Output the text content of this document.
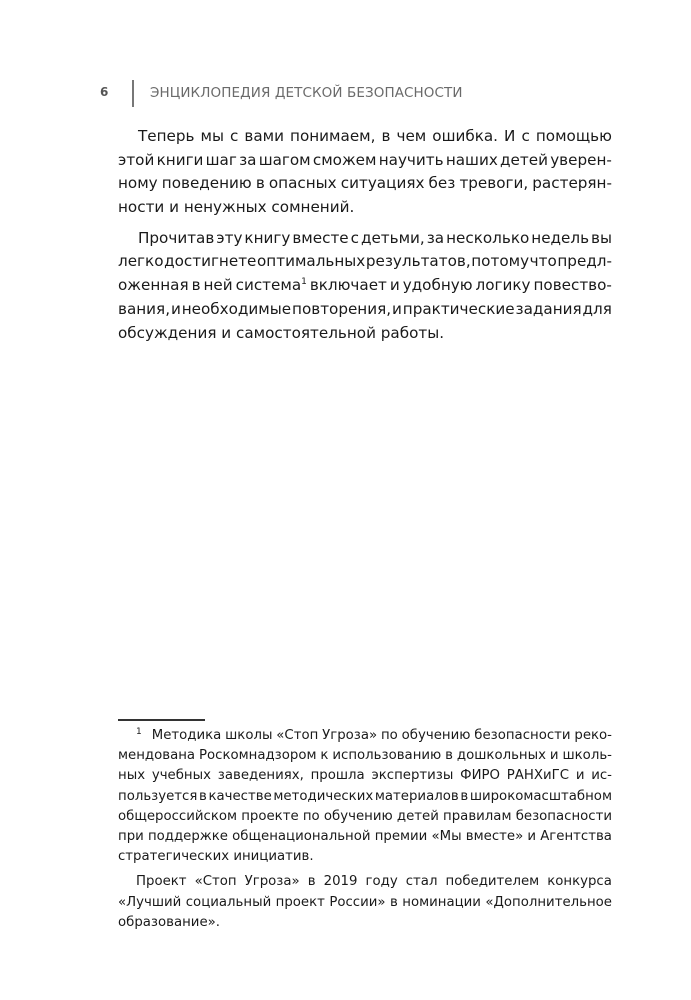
6	ЭНЦИКЛОПЕДИЯ ДЕТСКОЙ БЕЗОПАСНОСТИ
Теперь мы с вами понимаем, в чем ошибка. И с помощью
этой книги шаг за шагом сможем научить наших детей уверен-
ному поведению в опасных ситуациях без тревоги, растерян-
ности и ненужных сомнений.
Прочитав эту книгу вместе с детьми, за несколько недель вы
легко достигнете оптимальных результатов, потому что предл-
оженная в ней система$^1$ включает и удобную логику повество-
вания, и необходимые повторения, и практические задания для
обсуждения и самостоятельной работы.
$^1$ Методика школы «Стоп Угроза» по обучению безопасности реко-
мендована Роскомнадзором к использованию в дошкольных и школь-
ных учебных заведениях, прошла экспертизы ФИРО РАНХиГС и ис-
пользуется в качестве методических материалов в широкомасштабном
общероссийском проекте по обучению детей правилам безопасности
при поддержке общенациональной премии «Мы вместе» и Агентства
стратегических инициатив.
Проект «Стоп Угроза» в 2019 году стал победителем конкурса
«Лучший социальный проект России» в номинации «Дополнительное
образование».
